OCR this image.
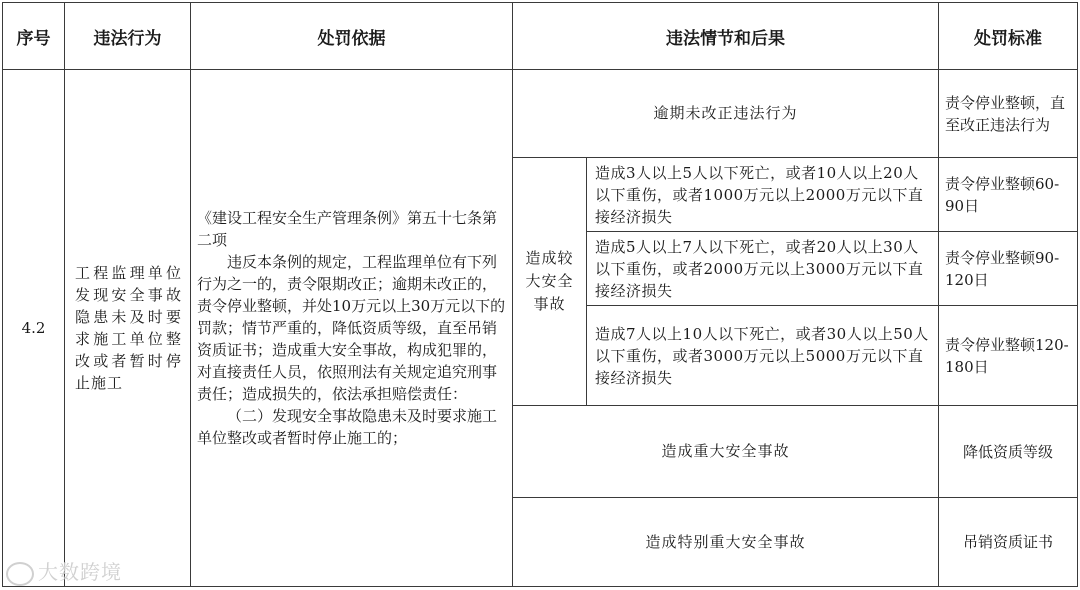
序号	违法行为	处罚依据	违法情节和后果		处罚标准
4.2	工程监理单位发现安全事故隐患未及时要求施工单位整改或者暂时停止施工	《建设工程安全生产管理条例》第五十七条第二项

违反本条例的规定，工程监理单位有下列行为之一的，责令限期改正；逾期未改正的，责令停业整顿，并处10万元以上30万元以下的罚款；情节严重的，降低资质等级，直至吊销资质证书；造成重大安全事故，构成犯罪的，对直接责任人员，依照刑法有关规定追究刑事责任；造成损失的，依法承担赔偿责任：

（二）发现安全事故隐患未及时要求施工单位整改或者暂时停止施工的；	逾期未改正违法行为		责令停业整顿，直至改正违法行为
			造成较大安全事故	造成3人以上5人以下死亡，或者10人以上20人以下重伤，或者1000万元以上2000万元以下直接经济损失	责令停业整顿60-90日
				造成5人以上7人以下死亡，或者20人以上30人以下重伤，或者2000万元以上3000万元以下直接经济损失	责令停业整顿90-120日
				造成7人以上10人以下死亡，或者30人以上50人以下重伤，或者3000万元以上5000万元以下直接经济损失	责令停业整顿120-180日
			造成重大安全事故		降低资质等级
			造成特别重大安全事故		吊销资质证书
大数跨境
